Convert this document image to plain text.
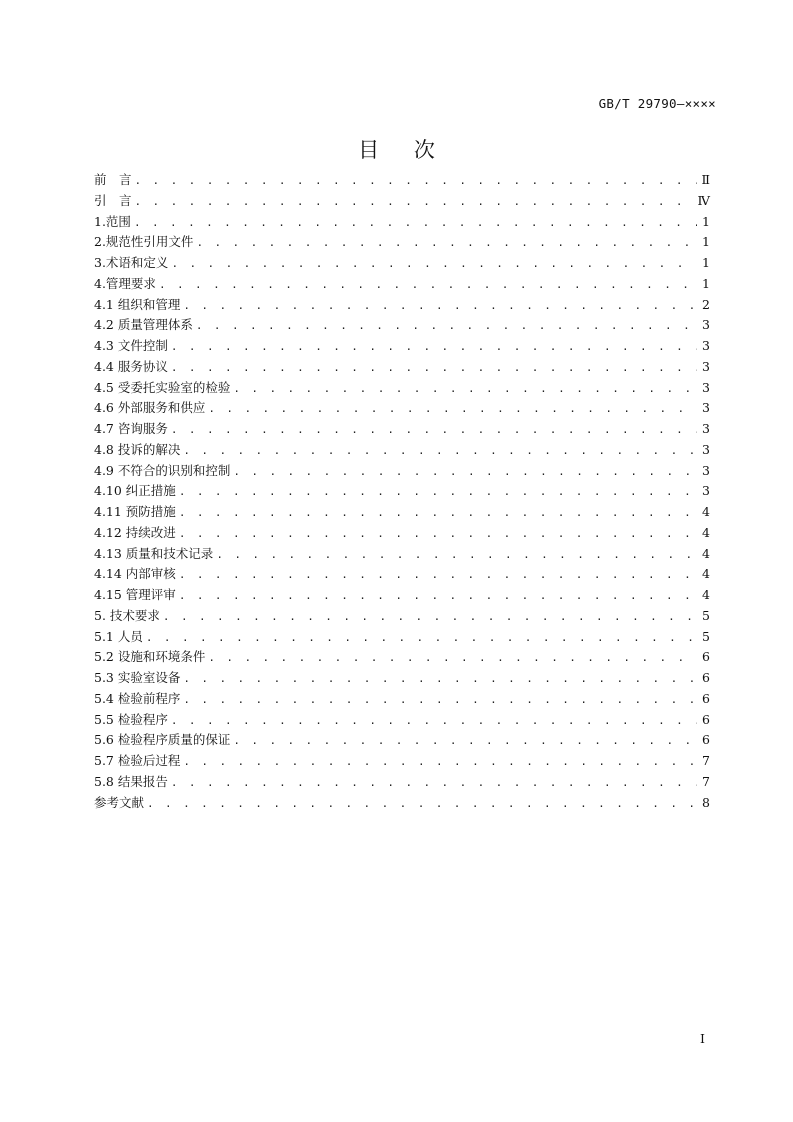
GB/T 29790—××××
目 次
前　言 . . .	Ⅱ
引　言 . . .	Ⅳ
1.范围 . . .	1
2.规范性引用文件 . . .	1
3.术语和定义 . . .	1
4.管理要求 . . .	1
4.1 组织和管理 . . .	2
4.2 质量管理体系 . . .	3
4.3 文件控制 . . .	3
4.4 服务协议 . . .	3
4.5 受委托实验室的检验 . . .	3
4.6 外部服务和供应 . . .	3
4.7 咨询服务 . . .	3
4.8 投诉的解决 . . .	3
4.9 不符合的识别和控制 . . .	3
4.10 纠正措施 . . .	3
4.11 预防措施 . . .	4
4.12 持续改进 . . .	4
4.13 质量和技术记录 . . .	4
4.14 内部审核 . . .	4
4.15 管理评审 . . .	4
5. 技术要求 . . .	5
5.1 人员 . . .	5
5.2 设施和环境条件 . . .	6
5.3 实验室设备 . . .	6
5.4 检验前程序 . . .	6
5.5 检验程序 . . .	6
5.6 检验程序质量的保证 . . .	6
5.7 检验后过程 . . .	7
5.8 结果报告 . . .	7
参考文献 . . .	8
I
